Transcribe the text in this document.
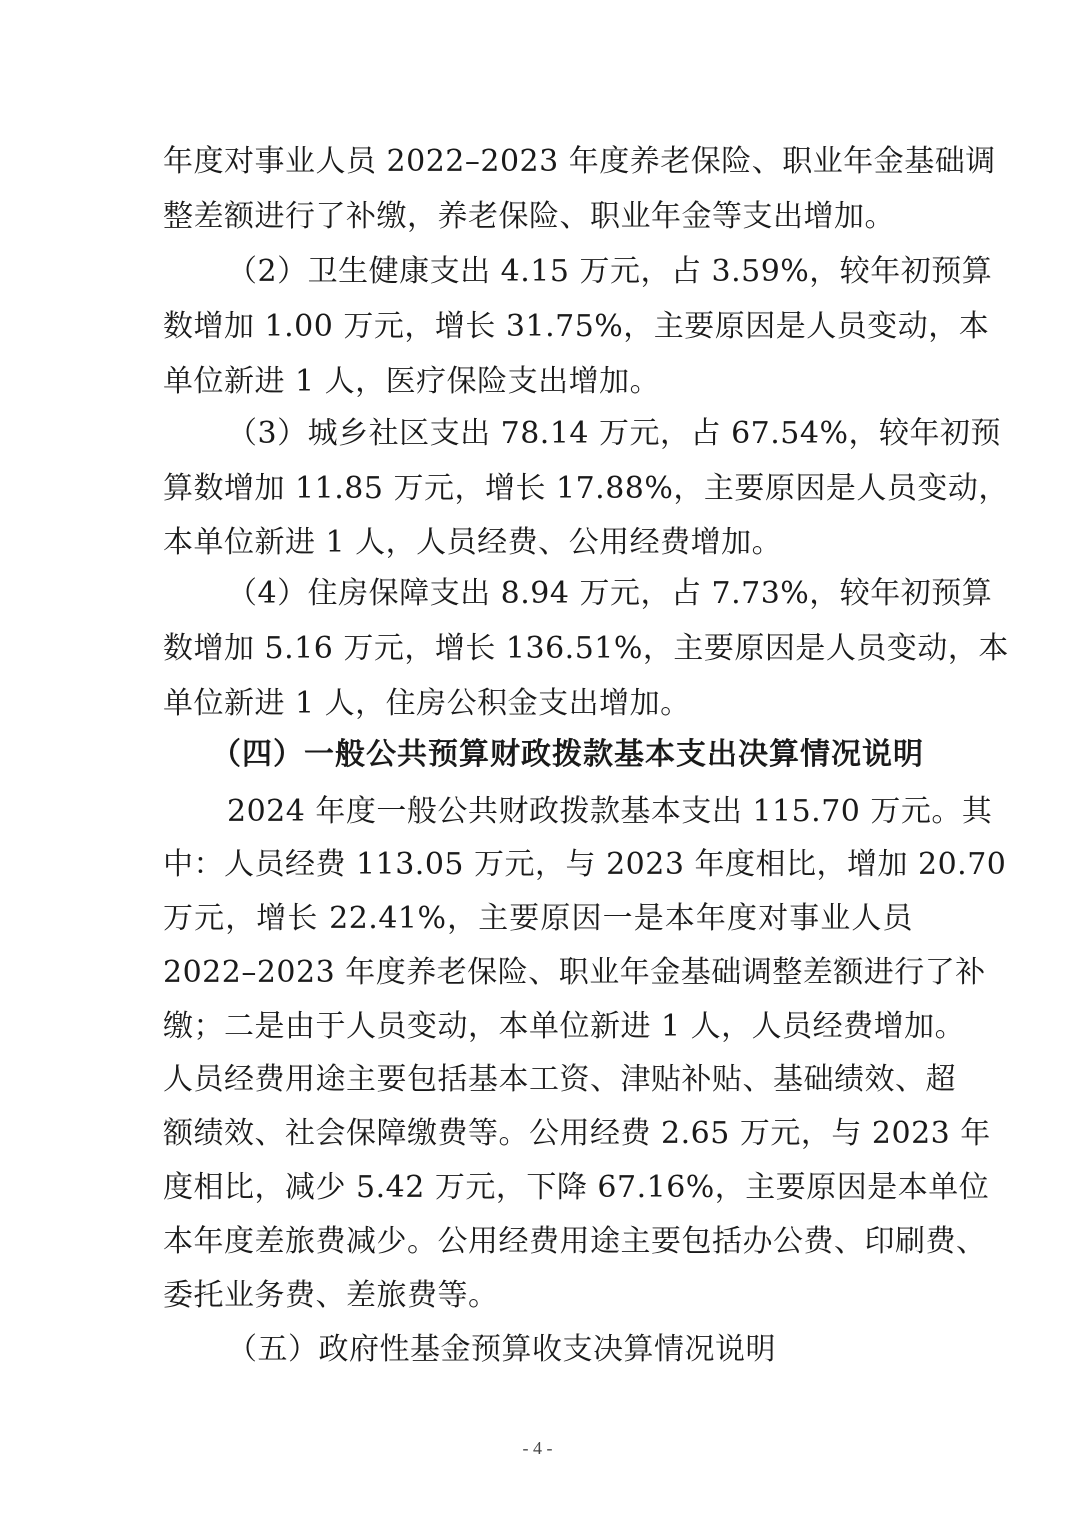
年度对事业人员 2022–2023 年度养老保险、职业年金基础调
整差额进行了补缴，养老保险、职业年金等支出增加。
（2）卫生健康支出 4.15 万元，占 3.59%，较年初预算
数增加 1.00 万元，增长 31.75%，主要原因是人员变动，本
单位新进 1 人，医疗保险支出增加。
（3）城乡社区支出 78.14 万元，占 67.54%，较年初预
算数增加 11.85 万元，增长 17.88%，主要原因是人员变动，
本单位新进 1 人，人员经费、公用经费增加。
（4）住房保障支出 8.94 万元，占 7.73%，较年初预算
数增加 5.16 万元，增长 136.51%，主要原因是人员变动，本
单位新进 1 人，住房公积金支出增加。
（四）一般公共预算财政拨款基本支出决算情况说明
2024 年度一般公共财政拨款基本支出 115.70 万元。其
中：人员经费 113.05 万元，与 2023 年度相比，增加 20.70
万元，增长 22.41%，主要原因一是本年度对事业人员
2022–2023 年度养老保险、职业年金基础调整差额进行了补
缴；二是由于人员变动，本单位新进 1 人，人员经费增加。
人员经费用途主要包括基本工资、津贴补贴、基础绩效、超
额绩效、社会保障缴费等。公用经费 2.65 万元，与 2023 年
度相比，减少 5.42 万元，下降 67.16%，主要原因是本单位
本年度差旅费减少。公用经费用途主要包括办公费、印刷费、
委托业务费、差旅费等。
（五）政府性基金预算收支决算情况说明
- 4 -
